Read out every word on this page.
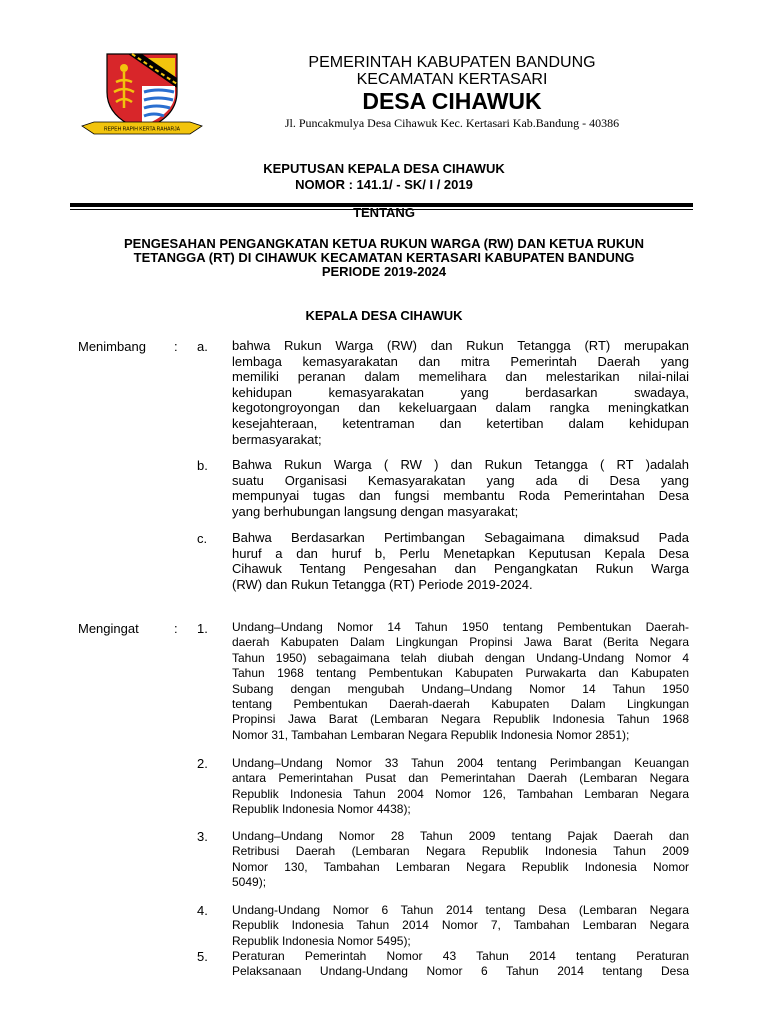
REPEH RAPIH KERTA RAHARJA
PEMERINTAH KABUPATEN BANDUNG
KECAMATAN KERTASARI
DESA CIHAWUK
Jl. Puncakmulya Desa Cihawuk Kec. Kertasari Kab.Bandung - 40386
KEPUTUSAN KEPALA DESA CIHAWUK
NOMOR : 141.1/ - SK/ I / 2019
TENTANG
PENGESAHAN PENGANGKATAN KETUA RUKUN WARGA (RW) DAN KETUA RUKUN
TETANGGA (RT) DI CIHAWUK KECAMATAN KERTASARI KABUPATEN BANDUNG
PERIODE 2019-2024
KEPALA DESA CIHAWUK
Menimbang : a. bahwa Rukun Warga (RW) dan Rukun Tetangga (RT) merupakan
lembaga kemasyarakatan dan mitra Pemerintah Daerah yang
memiliki peranan dalam memelihara dan melestarikan nilai-nilai
kehidupan kemasyarakatan yang berdasarkan swadaya,
kegotongroyongan dan kekeluargaan dalam rangka meningkatkan
kesejahteraan, ketentraman dan ketertiban dalam kehidupan
bermasyarakat;
b. Bahwa Rukun Warga ( RW ) dan Rukun Tetangga ( RT )adalah
suatu Organisasi Kemasyarakatan yang ada di Desa yang
mempunyai tugas dan fungsi membantu Roda Pemerintahan Desa
yang berhubungan langsung dengan masyarakat;
c. Bahwa Berdasarkan Pertimbangan Sebagaimana dimaksud Pada
huruf a dan huruf b, Perlu Menetapkan Keputusan Kepala Desa
Cihawuk Tentang Pengesahan dan Pengangkatan Rukun Warga
(RW) dan Rukun Tetangga (RT) Periode 2019-2024.
Mengingat	: 1. Undang–Undang Nomor 14 Tahun 1950 tentang Pembentukan Daerah-
daerah Kabupaten Dalam Lingkungan Propinsi Jawa Barat (Berita Negara
Tahun 1950) sebagaimana telah diubah dengan Undang-Undang Nomor 4
Tahun 1968 tentang Pembentukan Kabupaten Purwakarta dan Kabupaten
Subang dengan mengubah Undang–Undang Nomor 14 Tahun 1950
tentang Pembentukan Daerah-daerah Kabupaten Dalam Lingkungan
Propinsi Jawa Barat (Lembaran Negara Republik Indonesia Tahun 1968
Nomor 31, Tambahan Lembaran Negara Republik Indonesia Nomor 2851);
2. Undang–Undang Nomor 33 Tahun 2004 tentang Perimbangan Keuangan
antara Pemerintahan Pusat dan Pemerintahan Daerah (Lembaran Negara
Republik Indonesia Tahun 2004 Nomor 126, Tambahan Lembaran Negara
Republik Indonesia Nomor 4438);
3. Undang–Undang Nomor 28 Tahun 2009 tentang Pajak Daerah dan
Retribusi Daerah (Lembaran Negara Republik Indonesia Tahun 2009
Nomor 130, Tambahan Lembaran Negara Republik Indonesia Nomor
5049);
4. Undang-Undang Nomor 6 Tahun 2014 tentang Desa (Lembaran Negara
Republik Indonesia Tahun 2014 Nomor 7, Tambahan Lembaran Negara
Republik Indonesia Nomor 5495);
5. Peraturan Pemerintah Nomor 43 Tahun 2014 tentang Peraturan
Pelaksanaan Undang-Undang Nomor 6 Tahun 2014 tentang Desa
